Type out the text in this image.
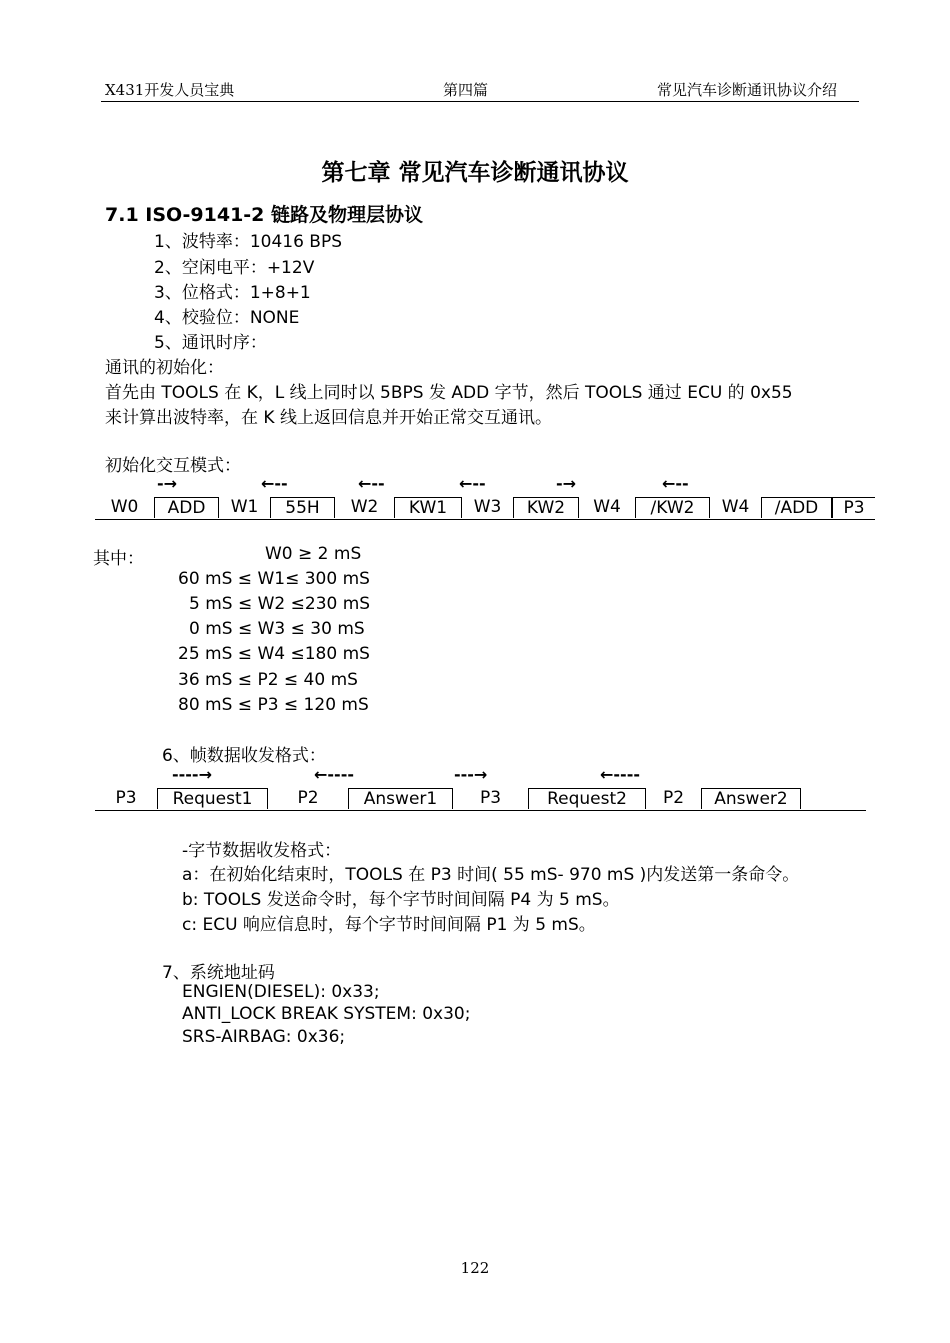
X431开发人员宝典	第四篇	常见汽车诊断通讯协议介绍
第七章 常见汽车诊断通讯协议
7.1 ISO-9141-2 链路及物理层协议
1、波特率：10416 BPS
2、空闲电平：+12V
3、位格式：1+8+1
4、校验位：NONE
5、通讯时序：
通讯的初始化：
首先由 TOOLS 在 K，L 线上同时以 5BPS 发 ADD 字节，然后 TOOLS 通过 ECU 的 0x55
来计算出波特率，在 K 线上返回信息并开始正常交互通讯。
初始化交互模式：
-→	←--	←--	←--	-→	←--
W0	ADD	W1	55H	W2	KW1	W3	KW2	W4	/KW2	W4	/ADD	P3
其中：	W0 ≥ 2 mS
60 mS ≤ W1≤ 300 mS
5 mS ≤ W2 ≤230 mS
0 mS ≤ W3 ≤ 30 mS
25 mS ≤ W4 ≤180 mS
36 mS ≤ P2 ≤ 40 mS
80 mS ≤ P3 ≤ 120 mS
6、帧数据收发格式：
----→	←----	---→	←----
P3	Request1	P2	Answer1	P3	Request2	P2	Answer2
-字节数据收发格式：
a：在初始化结束时，TOOLS 在 P3 时间( 55 mS- 970 mS )内发送第一条命令。
b: TOOLS 发送命令时，每个字节时间间隔 P4 为 5 mS。
c: ECU 响应信息时，每个字节时间间隔 P1 为 5 mS。
7、系统地址码
ENGIEN(DIESEL): 0x33;
ANTI_LOCK BREAK SYSTEM: 0x30;
SRS-AIRBAG: 0x36;
122
